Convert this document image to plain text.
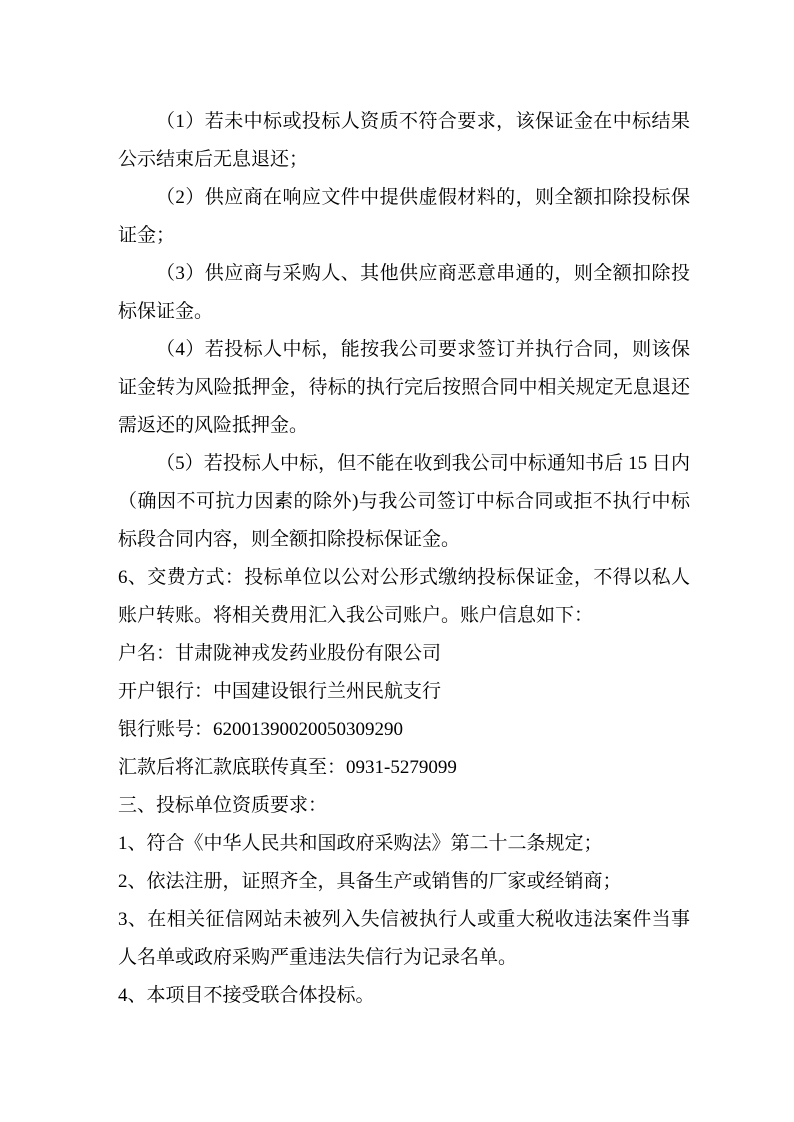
（1）若未中标或投标人资质不符合要求，该保证金在中标结果
公示结束后无息退还；
（2）供应商在响应文件中提供虚假材料的，则全额扣除投标保
证金；
（3）供应商与采购人、其他供应商恶意串通的，则全额扣除投
标保证金。
（4）若投标人中标，能按我公司要求签订并执行合同，则该保
证金转为风险抵押金，待标的执行完后按照合同中相关规定无息退还
需返还的风险抵押金。
（5）若投标人中标，但不能在收到我公司中标通知书后 15 日内
（确因不可抗力因素的除外)与我公司签订中标合同或拒不执行中标
标段合同内容，则全额扣除投标保证金。
6、交费方式：投标单位以公对公形式缴纳投标保证金，不得以私人
账户转账。将相关费用汇入我公司账户。账户信息如下：
户名：甘肃陇神戎发药业股份有限公司
开户银行：中国建设银行兰州民航支行
银行账号：62001390020050309290
汇款后将汇款底联传真至：0931-5279099
三、投标单位资质要求：
1、符合《中华人民共和国政府采购法》第二十二条规定；
2、依法注册，证照齐全，具备生产或销售的厂家或经销商；
3、在相关征信网站未被列入失信被执行人或重大税收违法案件当事
人名单或政府采购严重违法失信行为记录名单。
4、本项目不接受联合体投标。
